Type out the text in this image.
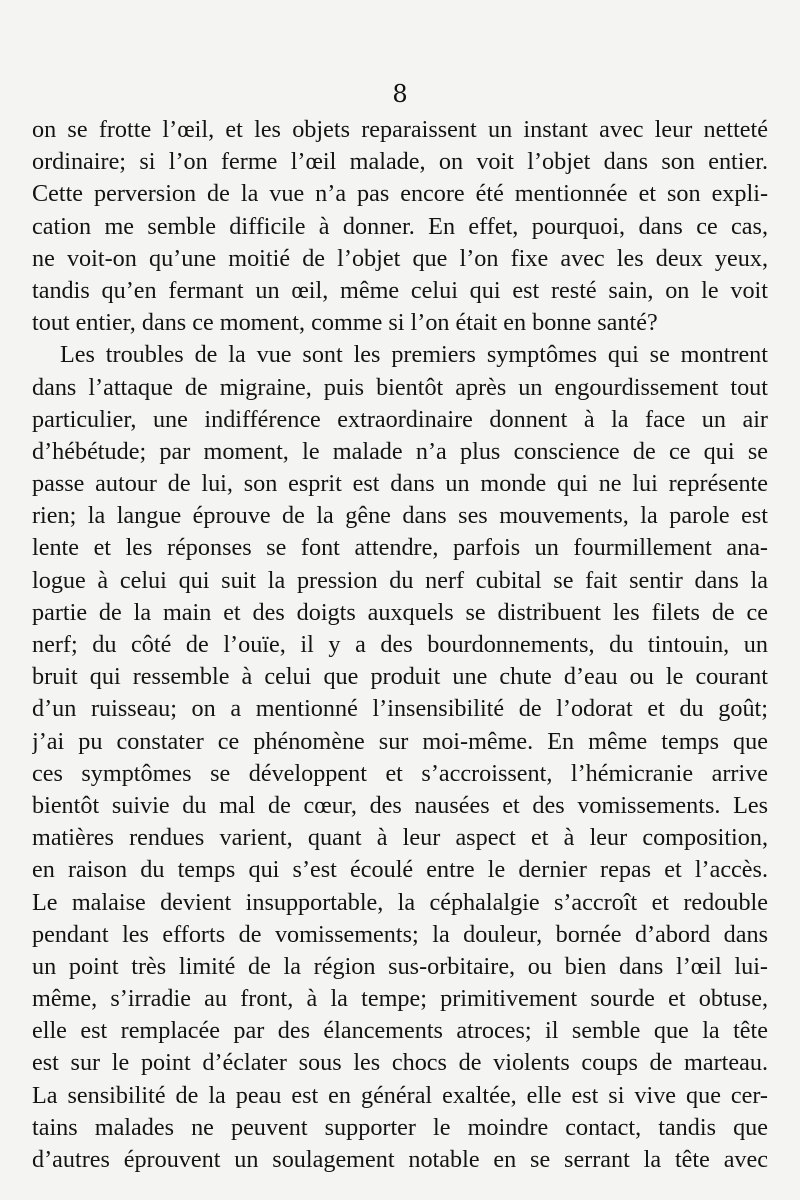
8
on se frotte l’œil, et les objets reparaissent un instant avec leur netteté
ordinaire; si l’on ferme l’œil malade, on voit l’objet dans son entier.
Cette perversion de la vue n’a pas encore été mentionnée et son expli-
cation me semble difficile à donner. En effet, pourquoi, dans ce cas,
ne voit-on qu’une moitié de l’objet que l’on fixe avec les deux yeux,
tandis qu’en fermant un œil, même celui qui est resté sain, on le voit
tout entier, dans ce moment, comme si l’on était en bonne santé?
Les troubles de la vue sont les premiers symptômes qui se montrent
dans l’attaque de migraine, puis bientôt après un engourdissement tout
particulier, une indifférence extraordinaire donnent à la face un air
d’hébétude; par moment, le malade n’a plus conscience de ce qui se
passe autour de lui, son esprit est dans un monde qui ne lui représente
rien; la langue éprouve de la gêne dans ses mouvements, la parole est
lente et les réponses se font attendre, parfois un fourmillement ana-
logue à celui qui suit la pression du nerf cubital se fait sentir dans la
partie de la main et des doigts auxquels se distribuent les filets de ce
nerf; du côté de l’ouïe, il y a des bourdonnements, du tintouin, un
bruit qui ressemble à celui que produit une chute d’eau ou le courant
d’un ruisseau; on a mentionné l’insensibilité de l’odorat et du goût;
j’ai pu constater ce phénomène sur moi-même. En même temps que
ces symptômes se développent et s’accroissent, l’hémicranie arrive
bientôt suivie du mal de cœur, des nausées et des vomissements. Les
matières rendues varient, quant à leur aspect et à leur composition,
en raison du temps qui s’est écoulé entre le dernier repas et l’accès.
Le malaise devient insupportable, la céphalalgie s’accroît et redouble
pendant les efforts de vomissements; la douleur, bornée d’abord dans
un point très limité de la région sus-orbitaire, ou bien dans l’œil lui-
même, s’irradie au front, à la tempe; primitivement sourde et obtuse,
elle est remplacée par des élancements atroces; il semble que la tête
est sur le point d’éclater sous les chocs de violents coups de marteau.
La sensibilité de la peau est en général exaltée, elle est si vive que cer-
tains malades ne peuvent supporter le moindre contact, tandis que
d’autres éprouvent un soulagement notable en se serrant la tête avec
